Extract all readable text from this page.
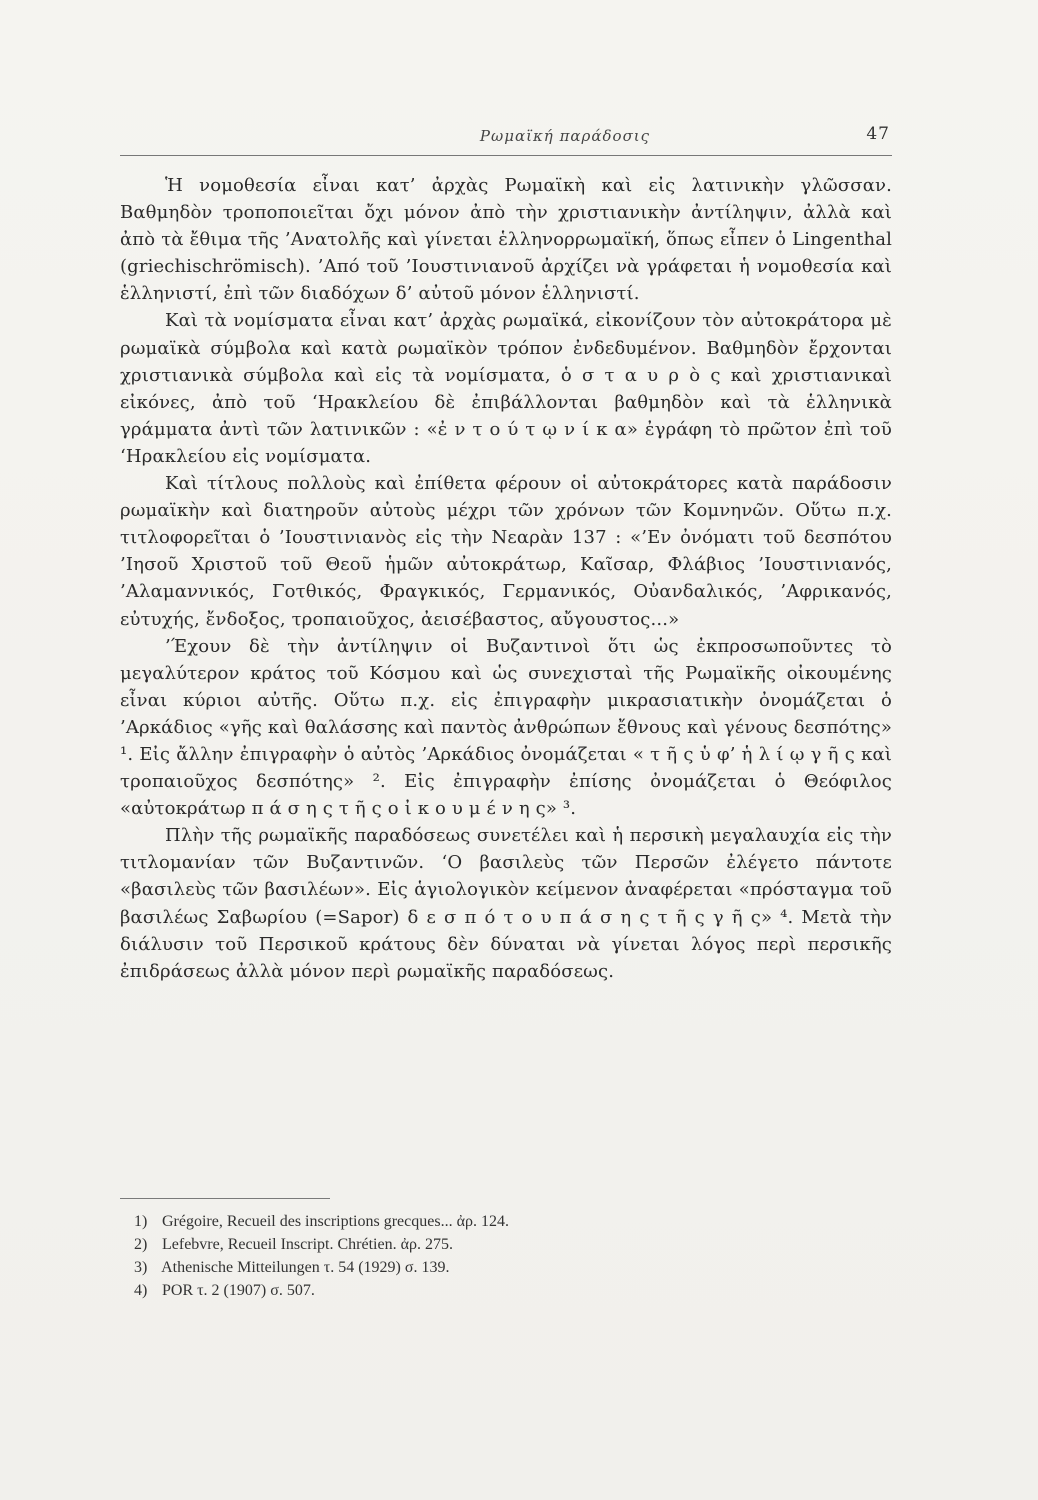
Ρωμαϊκή παράδοσις	47

Ἡ νομοθεσία εἶναι κατ’ ἀρχὰς Ρωμαϊκὴ καὶ εἰς λατινικὴν γλῶσσαν. Βαθμηδὸν τροποποιεῖται ὄχι μόνον ἀπὸ τὴν χριστιανικὴν ἀντίληψιν, ἀλλὰ καὶ ἀπὸ τὰ ἔθιμα τῆς ’Ανατολῆς καὶ γίνεται ἑλληνορρωμαϊκή, ὅπως εἶπεν ὁ Lingenthal (griechischrömisch). ’Από τοῦ ’Ιουστινιανοῦ ἀρχίζει νὰ γράφεται ἡ νομοθεσία καὶ ἑλληνιστί, ἐπὶ τῶν διαδόχων δ’ αὐτοῦ μόνον ἑλληνιστί.

Καὶ τὰ νομίσματα εἶναι κατ’ ἀρχὰς ρωμαϊκά, εἰκονίζουν τὸν αὐτοκράτορα μὲ ρωμαϊκὰ σύμβολα καὶ κατὰ ρωμαϊκὸν τρόπον ἐνδεδυμένον. Βαθμηδὸν ἔρχονται χριστιανικὰ σύμβολα καὶ εἰς τὰ νομίσματα, ὁ σ τ α υ ρ ὸ ς καὶ χριστιανικαὶ εἰκόνες, ἀπὸ τοῦ ‘Ηρακλείου δὲ ἐπιβάλλονται βαθμηδὸν καὶ τὰ ἑλληνικὰ γράμματα ἀντὶ τῶν λατινικῶν : «ἐ ν τ ο ύ τ ῳ ν ί κ α» ἐγράφη τὸ πρῶτον ἐπὶ τοῦ ‘Ηρακλείου εἰς νομίσματα.

Καὶ τίτλους πολλοὺς καὶ ἐπίθετα φέρουν οἱ αὐτοκράτορες κατὰ παράδοσιν ρωμαϊκὴν καὶ διατηροῦν αὐτοὺς μέχρι τῶν χρόνων τῶν Κομνηνῶν. Οὕτω π.χ. τιτλοφορεῖται ὁ ’Ιουστινιανὸς εἰς τὴν Νεαρὰν 137 : «’Εν ὀνόματι τοῦ δεσπότου ’Ιησοῦ Χριστοῦ τοῦ Θεοῦ ἡμῶν αὐτοκράτωρ, Καῖσαρ, Φλάβιος ’Ιουστινιανός, ’Αλαμαννικός, Γοτθικός, Φραγκικός, Γερμανικός, Οὐανδαλικός, ’Αφρικανός, εὐτυχής, ἔνδοξος, τροπαιοῦχος, ἀεισέβαστος, αὔγουστος...»

’Έχουν δὲ τὴν ἀντίληψιν οἱ Βυζαντινοὶ ὅτι ὡς ἐκπροσωποῦντες τὸ μεγαλύτερον κράτος τοῦ Κόσμου καὶ ὡς συνεχισταὶ τῆς Ρωμαϊκῆς οἰκουμένης εἶναι κύριοι αὐτῆς. Οὕτω π.χ. εἰς ἐπιγραφὴν μικρασιατικὴν ὀνομάζεται ὁ ’Αρκάδιος «γῆς καὶ θαλάσσης καὶ παντὸς ἀνθρώπων ἔθνους καὶ γένους δεσπότης» ¹. Εἰς ἄλλην ἐπιγραφὴν ὁ αὐτὸς ’Αρκάδιος ὀνομάζεται « τ ῆ ς ὑ φ’ ἡ λ ί ῳ γ ῆ ς καὶ τροπαιοῦχος δεσπότης» ². Εἰς ἐπιγραφὴν ἐπίσης ὀνομάζεται ὁ Θεόφιλος «αὐτοκράτωρ π ά σ η ς τ ῆ ς ο ἰ κ ο υ μ έ ν η ς» ³.

Πλὴν τῆς ρωμαϊκῆς παραδόσεως συνετέλει καὶ ἡ περσικὴ μεγαλαυχία εἰς τὴν τιτλομανίαν τῶν Βυζαντινῶν. ‘Ο βασιλεὺς τῶν Περσῶν ἐλέγετο πάντοτε «βασιλεὺς τῶν βασιλέων». Εἰς ἁγιολογικὸν κείμενον ἀναφέρεται «πρόσταγμα τοῦ βασιλέως Σαβωρίου (=Sapor) δ ε σ π ό τ ο υ π ά σ η ς τ ῆ ς γ ῆ ς» ⁴. Μετὰ τὴν διάλυσιν τοῦ Περσικοῦ κράτους δὲν δύναται νὰ γίνεται λόγος περὶ περσικῆς ἐπιδράσεως ἀλλὰ μόνον περὶ ρωμαϊκῆς παραδόσεως.

1) Grégoire, Recueil des inscriptions grecques... ἀρ. 124.

2) Lefebvre, Recueil Inscript. Chrétien. ἀρ. 275.

3) Athenische Mitteilungen τ. 54 (1929) σ. 139.

4) POR τ. 2 (1907) σ. 507.
